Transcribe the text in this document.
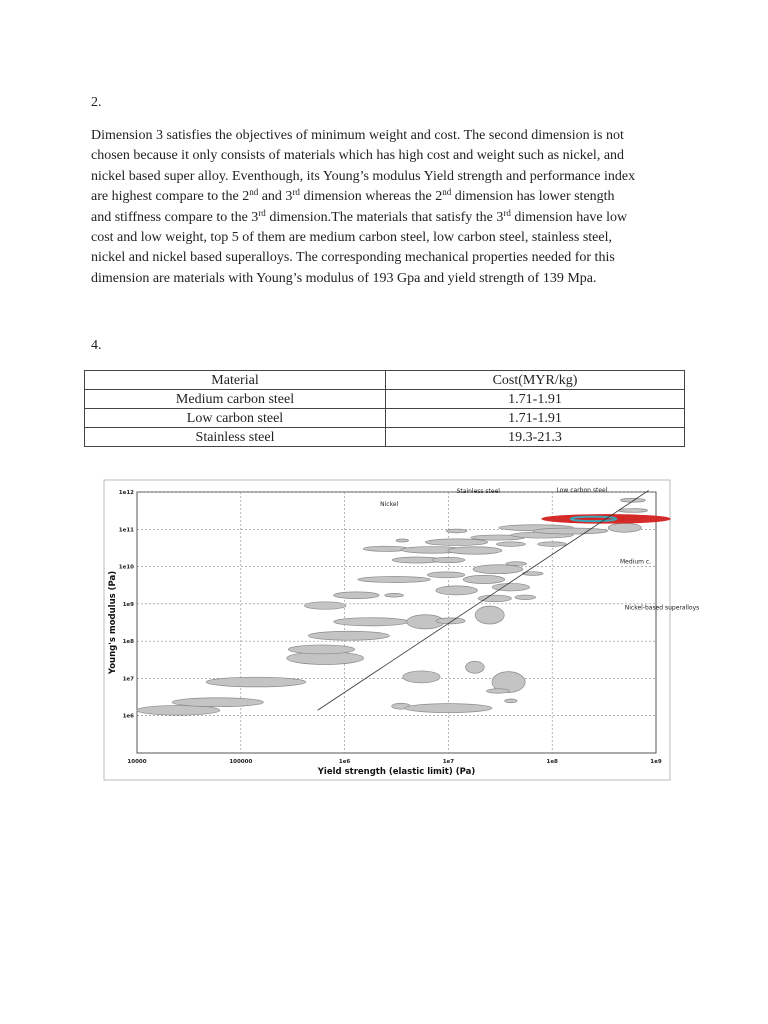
2.

Dimension 3 satisfies the objectives of minimum weight and cost. The second dimension is not

chosen because it only consists of materials which has high cost and weight such as nickel, and

nickel based super alloy. Eventhough, its Young’s modulus Yield strength and performance index

are highest compare to the 2nd and 3rd dimension whereas the 2nd dimension has lower stength

and stiffness compare to the 3rd dimension.The materials that satisfy the 3rd dimension have low

cost and low weight, top 5 of them are medium carbon steel, low carbon steel, stainless steel,

nickel and nickel based superalloys. The corresponding mechanical properties needed for this

dimension are materials with Young’s modulus of 193 Gpa and yield strength of 139 Mpa.

4.
Material	Cost(MYR/kg)
Medium carbon steel	1.71-1.91
Low carbon steel	1.71-1.91
Stainless steel	19.3-21.3
10000	100000	1e6	1e7	1e8	1e9
1e6
1e7
1e8
1e9
1e10
1e11
1e12	Stainless steel	Low carbon steel
Nickel
Medium c.
Nickel-based superalloys
Yield strength (elastic limit) (Pa)
Young's modulus (Pa)
